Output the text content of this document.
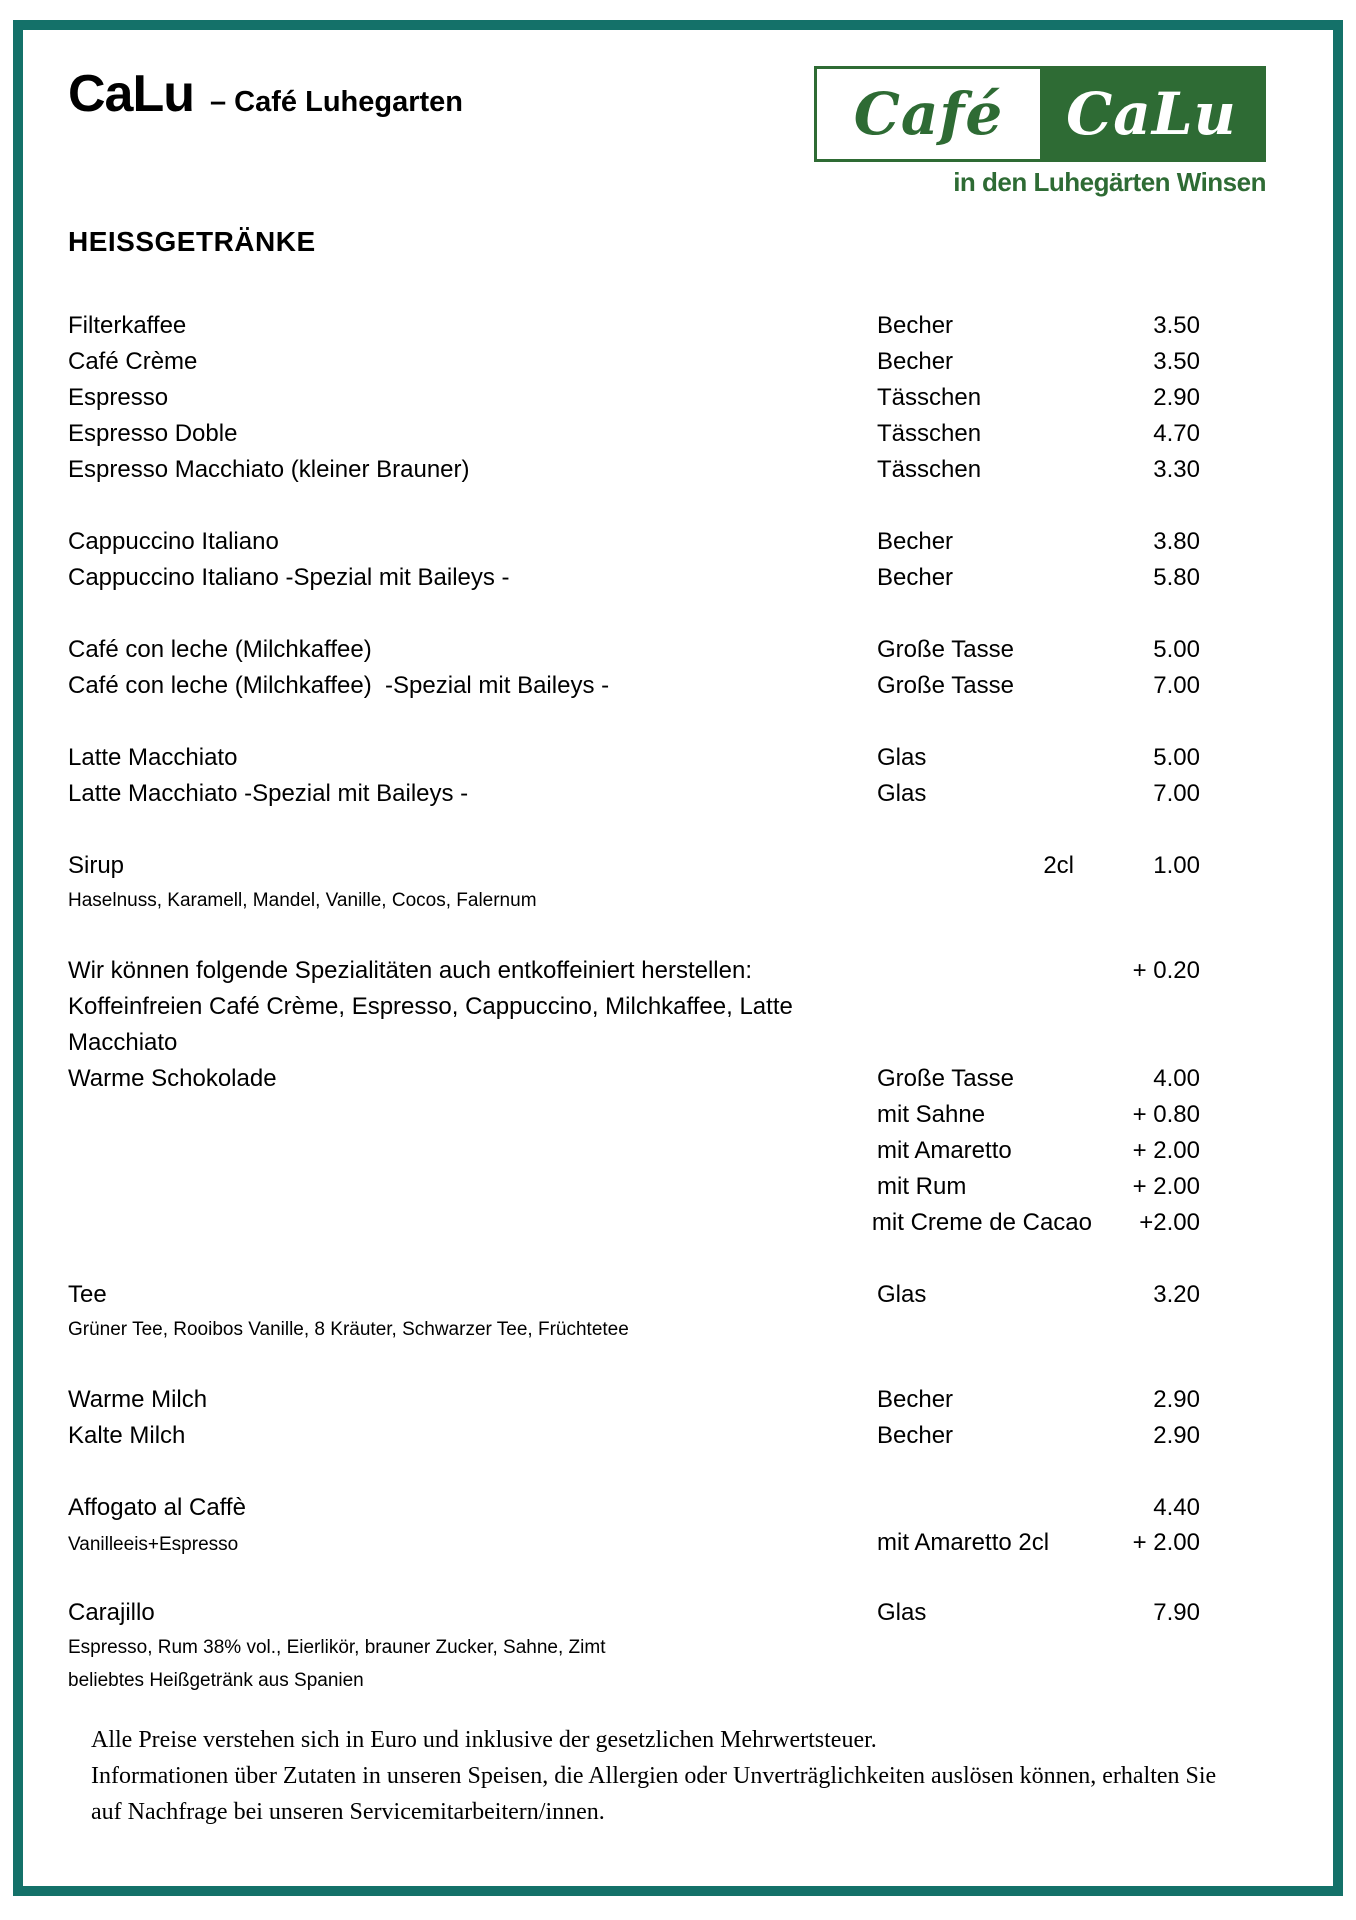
CaLu – Café Luhegarten	Café	CaLu
in den Luhegärten Winsen
HEISSGETRÄNKE
Filterkaffee	Becher	3.50
Café Crème	Becher	3.50
Espresso	Tässchen	2.90
Espresso Doble	Tässchen	4.70
Espresso Macchiato (kleiner Brauner)	Tässchen	3.30
Cappuccino Italiano	Becher	3.80
Cappuccino Italiano -Spezial mit Baileys -	Becher	5.80
Café con leche (Milchkaffee)	Große Tasse	5.00
Café con leche (Milchkaffee)  -Spezial mit Baileys -	Große Tasse	7.00
Latte Macchiato	Glas	5.00
Latte Macchiato -Spezial mit Baileys -	Glas	7.00
Sirup	2cl	1.00
Haselnuss, Karamell, Mandel, Vanille, Cocos, Falernum
Wir können folgende Spezialitäten auch entkoffeiniert herstellen:	+ 0.20
Koffeinfreien Café Crème, Espresso, Cappuccino, Milchkaffee, Latte Macchiato
Warme Schokolade	Große Tasse	4.00
mit Sahne	+ 0.80
mit Amaretto	+ 2.00
mit Rum	+ 2.00
mit Creme de Cacao	+2.00
Tee	Glas	3.20
Grüner Tee, Rooibos Vanille, 8 Kräuter, Schwarzer Tee, Früchtetee
Warme Milch	Becher	2.90
Kalte Milch	Becher	2.90
Affogato al Caffè	4.40
Vanilleeis+Espresso	mit Amaretto 2cl	+ 2.00
Carajillo	Glas	7.90
Espresso, Rum 38% vol., Eierlikör, brauner Zucker, Sahne, Zimt
beliebtes Heißgetränk aus Spanien
Alle Preise verstehen sich in Euro und inklusive der gesetzlichen Mehrwertsteuer.
Informationen über Zutaten in unseren Speisen, die Allergien oder Unverträglichkeiten auslösen können, erhalten Sie
auf Nachfrage bei unseren Servicemitarbeitern/innen.
